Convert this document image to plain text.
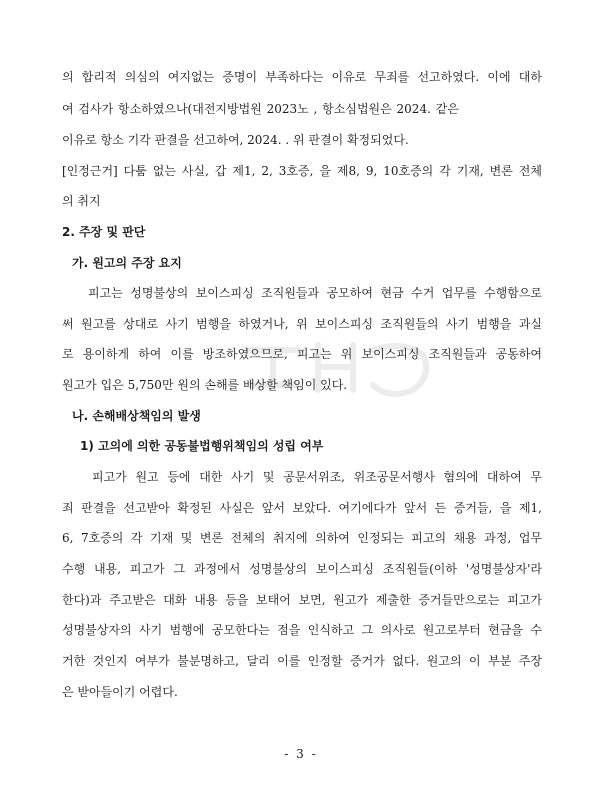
의 합리적 의심의 여지없는 증명이 부족하다는 이유로 무죄를 선고하였다. 이에 대하
여 검사가 항소하였으나(대전지방법원 2023노 , 항소심법원은 2024. 같은
이유로 항소 기각 판결을 선고하여, 2024. . 위 판결이 확정되었다.
[인정근거] 다툼 없는 사실, 갑 제1, 2, 3호증, 을 제8, 9, 10호증의 각 기재, 변론 전체
의 취지
2. 주장 및 판단
가. 원고의 주장 요지
피고는 성명불상의 보이스피싱 조직원들과 공모하여 현금 수거 업무를 수행함으로
써 원고를 상대로 사기 범행을 하였거나, 위 보이스피싱 조직원들의 사기 범행을 과실
로 용이하게 하여 이를 방조하였으므로, 피고는 위 보이스피싱 조직원들과 공동하여
원고가 입은 5,750만 원의 손해를 배상할 책임이 있다.
나. 손해배상책임의 발생
1) 고의에 의한 공동불법행위책임의 성립 여부
피고가 원고 등에 대한 사기 및 공문서위조, 위조공문서행사 혐의에 대하여 무
죄 판결을 선고받아 확정된 사실은 앞서 보았다. 여기에다가 앞서 든 증거들, 을 제1,
6, 7호증의 각 기재 및 변론 전체의 취지에 의하여 인정되는 피고의 채용 과정, 업무
수행 내용, 피고가 그 과정에서 성명불상의 보이스피싱 조직원들(이하 '성명불상자'라
한다)과 주고받은 대화 내용 등을 보태어 보면, 원고가 제출한 증거들만으로는 피고가
성명불상자의 사기 범행에 공모한다는 점을 인식하고 그 의사로 원고로부터 현금을 수
거한 것인지 여부가 불분명하고, 달리 이를 인정할 증거가 없다. 원고의 이 부분 주장
은 받아들이기 어렵다.
- 3 -
